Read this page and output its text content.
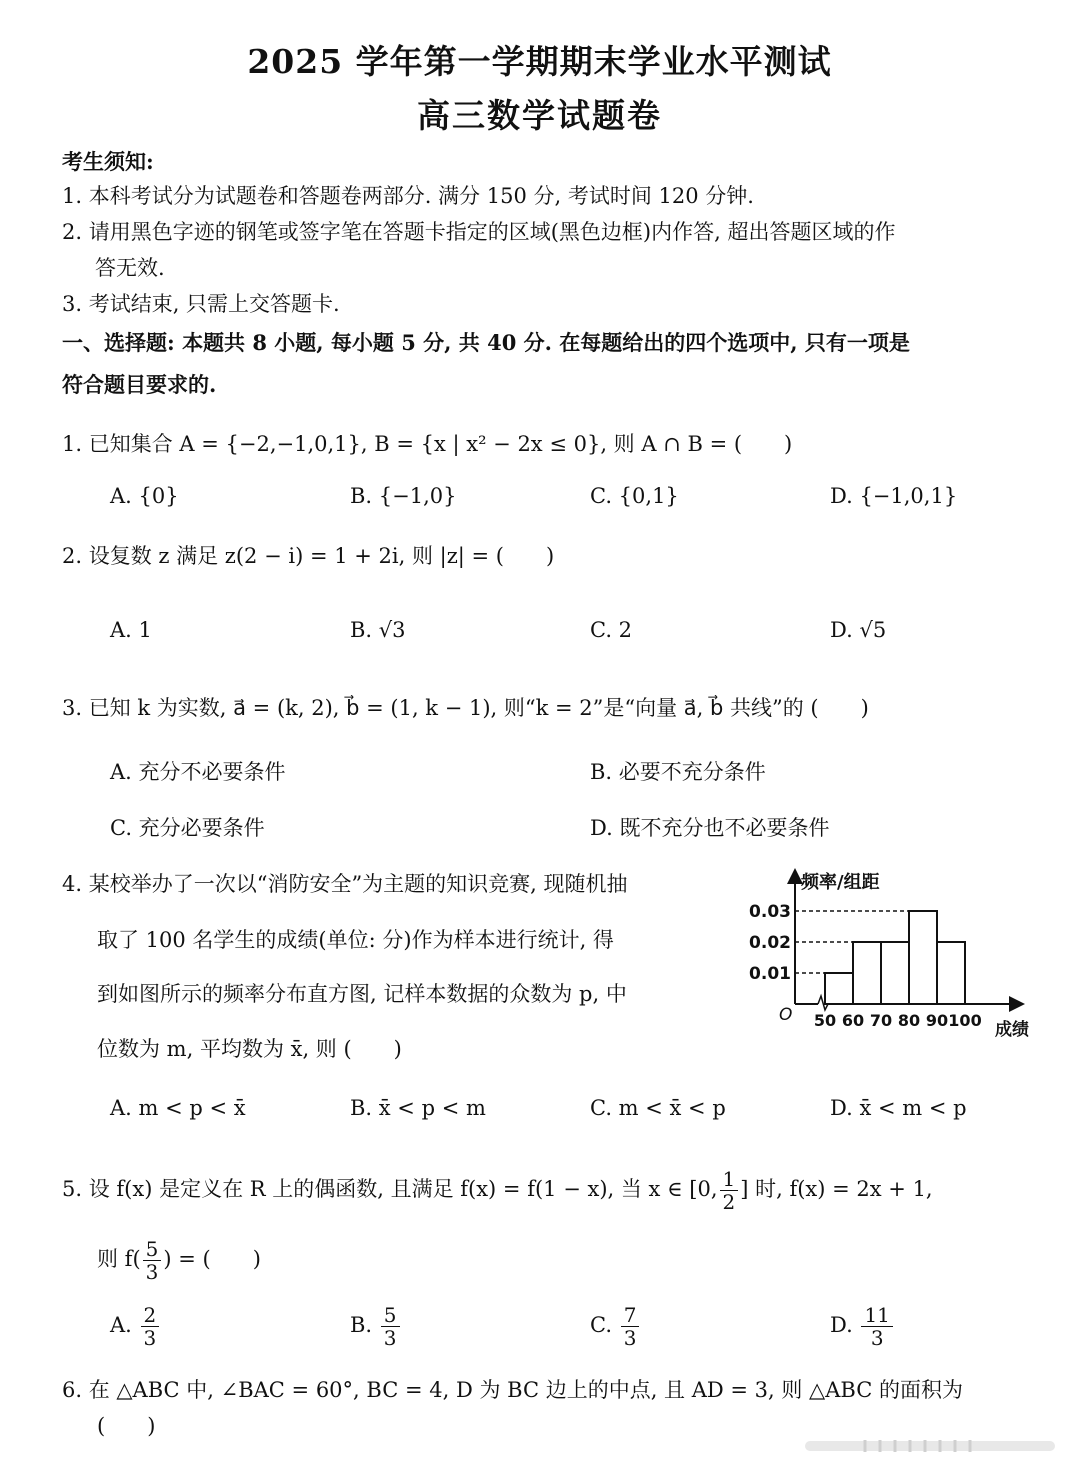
2025 学年第一学期期末学业水平测试
高三数学试题卷
考生须知:
1. 本科考试分为试题卷和答题卷两部分. 满分 150 分, 考试时间 120 分钟.
2. 请用黑色字迹的钢笔或签字笔在答题卡指定的区域(黑色边框)内作答, 超出答题区域的作
答无效.
3. 考试结束, 只需上交答题卡.
一、选择题: 本题共 8 小题, 每小题 5 分, 共 40 分. 在每题给出的四个选项中, 只有一项是
符合题目要求的.
1. 已知集合 A = {−2,−1,0,1}, B = {x | x² − 2x ≤ 0}, 则 A ∩ B = (　　)
A. {0}	B. {−1,0}	C. {0,1}	D. {−1,0,1}
2. 设复数 z 满足 z(2 − i) = 1 + 2i, 则 |z| = (　　)
A. 1	B. √3	C. 2	D. √5
3. 已知 k 为实数, a⃗ = (k, 2), b⃗ = (1, k − 1), 则“k = 2”是“向量 a⃗, b⃗ 共线”的 (　　)
A. 充分不必要条件	B. 必要不充分条件
C. 充分必要条件	D. 既不充分也不必要条件
4. 某校举办了一次以“消防安全”为主题的知识竞赛, 现随机抽
取了 100 名学生的成绩(单位: 分)作为样本进行统计, 得
到如图所示的频率分布直方图, 记样本数据的众数为 p, 中
位数为 m, 平均数为 x̄, 则 (　　)
A. m < p < x̄	B. x̄ < p < m	C. m < x̄ < p	D. x̄ < m < p
频率/组距
成绩
O
0.01
0.02
0.03
50 60 70 80 90 100
5. 设 f(x) 是定义在 R 上的偶函数, 且满足 f(x) = f(1 − x), 当 x ∈ [0, $\frac{1}{2}$ ] 时, f(x) = 2x + 1,
则 $f( \frac{5}{3}$ ) = (　　)
A. $\frac{2}{3}$	B. $\frac{5}{3}$	C. $\frac{7}{3}$	D. $\frac{11}{3}$
6. 在 △ABC 中, ∠BAC = 60°, BC = 4, D 为 BC 边上的中点, 且 AD = 3, 则 △ABC 的面积为
(　　)
